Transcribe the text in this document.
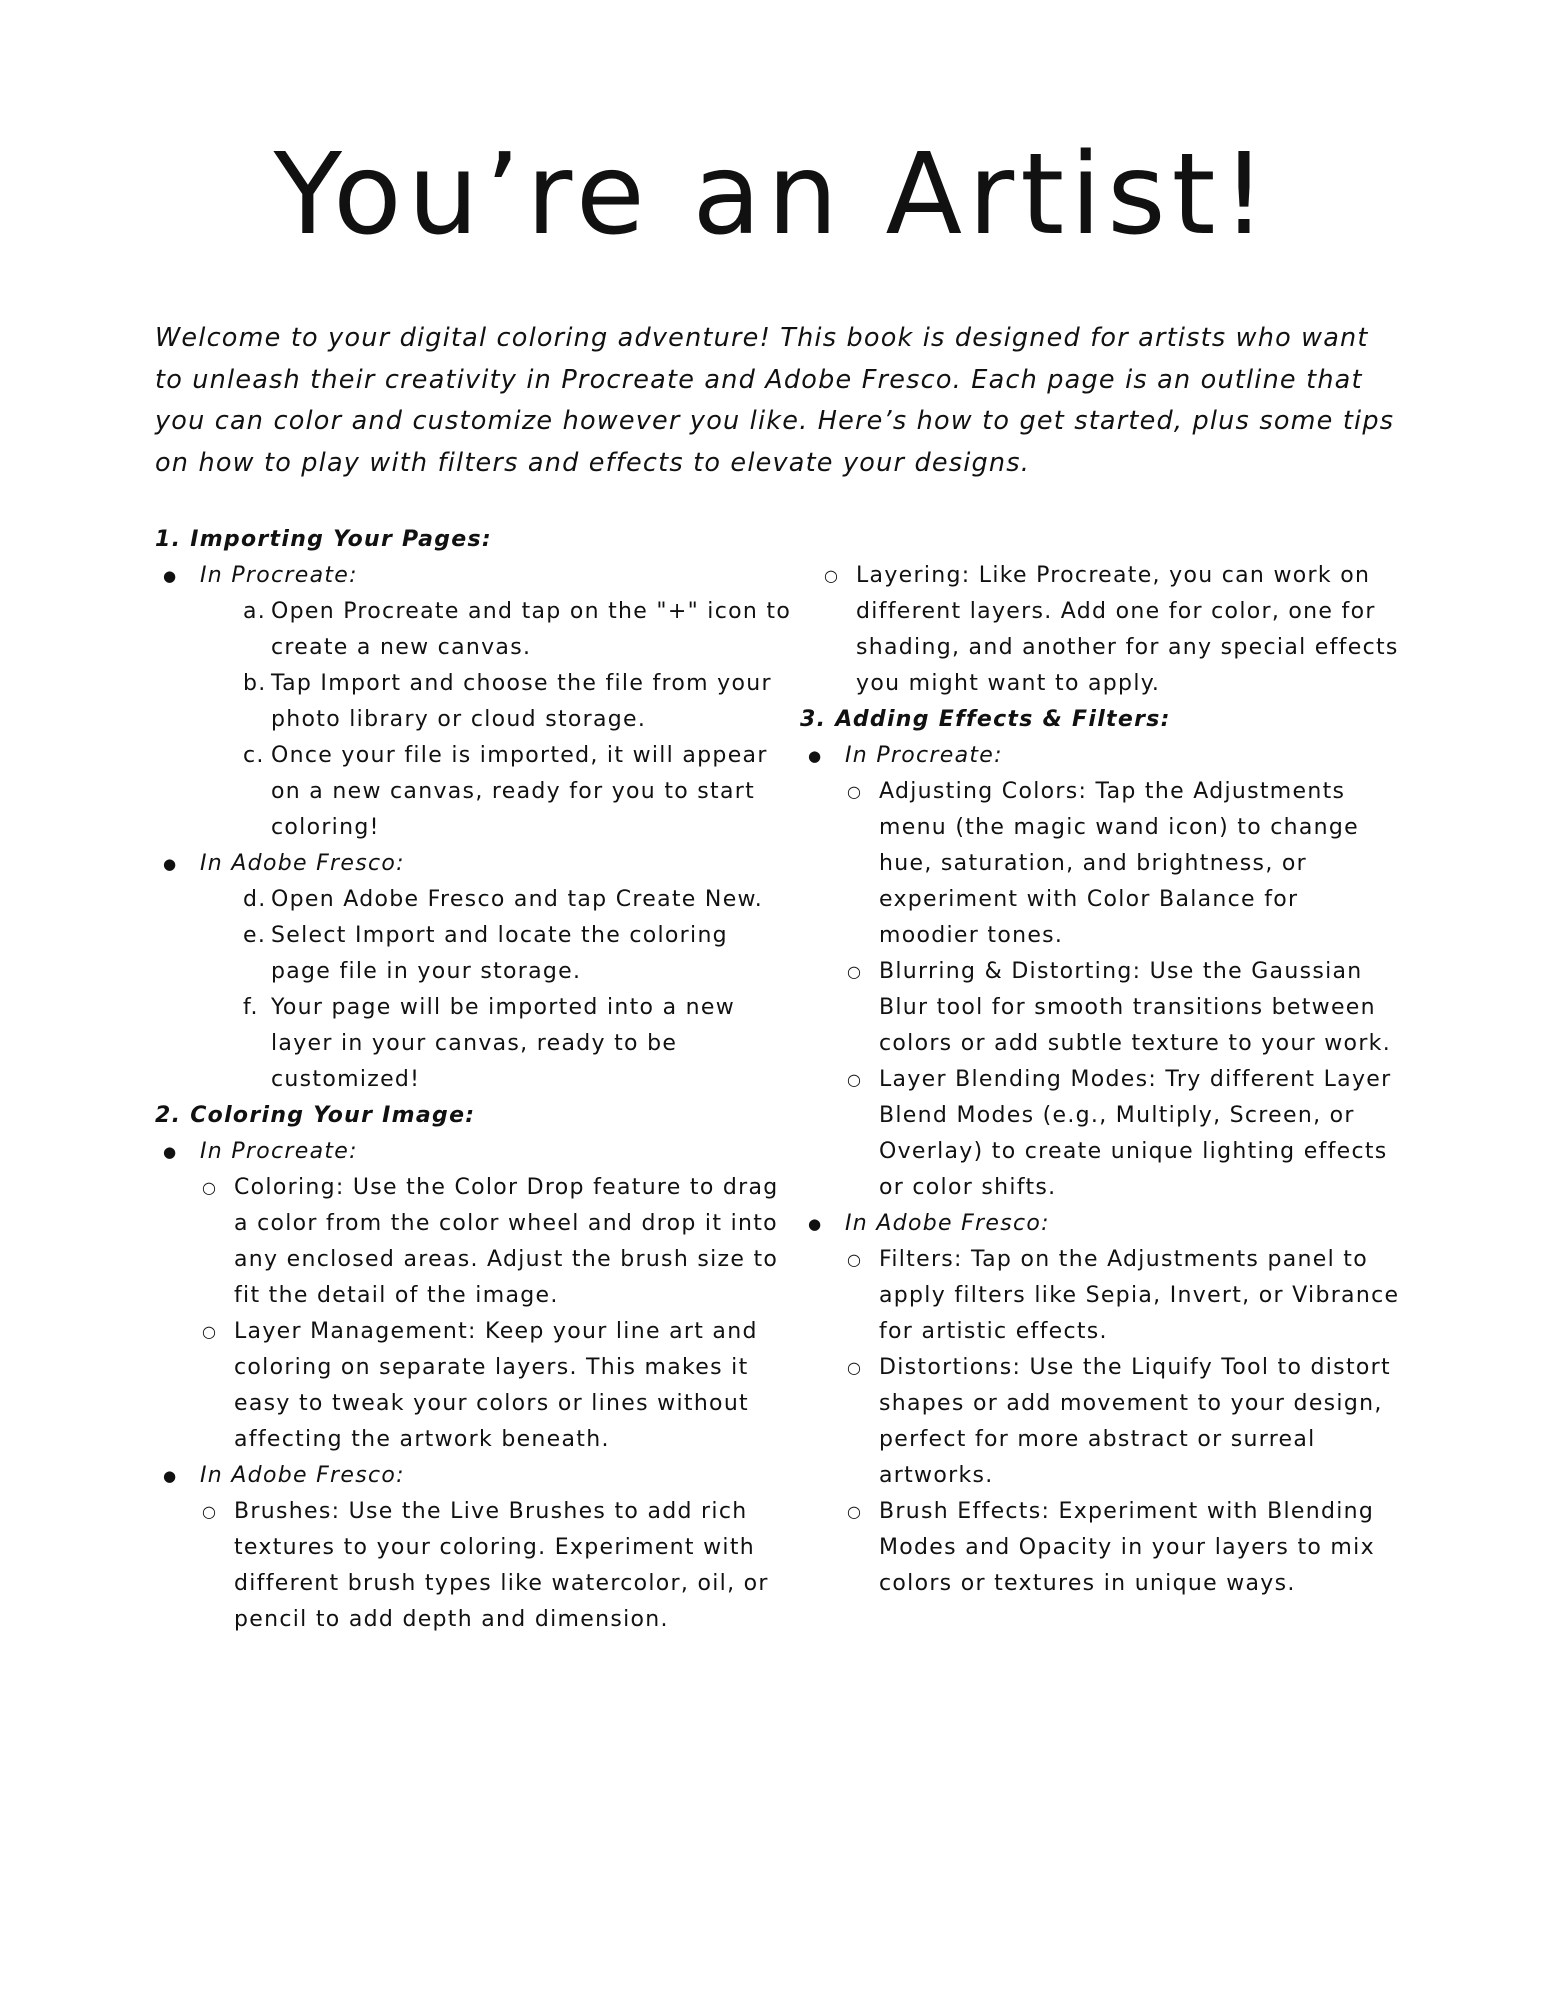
You’re an Artist!

Welcome to your digital coloring adventure! This book is designed for artists who want to unleash their creativity in Procreate and Adobe Fresco. Each page is an outline that you can color and customize however you like. Here’s how to get started, plus some tips on how to play with filters and effects to elevate your designs.

1. Importing Your Pages:

● In Procreate:

a. Open Procreate and tap on the "+" icon to create a new canvas.
b. Tap Import and choose the file from your photo library or cloud storage.
c. Once your file is imported, it will appear on a new canvas, ready for you to start coloring!

● In Adobe Fresco:

d. Open Adobe Fresco and tap Create New.
e. Select Import and locate the coloring page file in your storage.
f. Your page will be imported into a new layer in your canvas, ready to be customized!

2. Coloring Your Image:

● In Procreate:

○ Coloring: Use the Color Drop feature to drag a color from the color wheel and drop it into any enclosed areas. Adjust the brush size to fit the detail of the image.
○ Layer Management: Keep your line art and coloring on separate layers. This makes it easy to tweak your colors or lines without affecting the artwork beneath.

● In Adobe Fresco:

○ Brushes: Use the Live Brushes to add rich textures to your coloring. Experiment with different brush types like watercolor, oil, or pencil to add depth and dimension.
○ Layering: Like Procreate, you can work on different layers. Add one for color, one for shading, and another for any special effects you might want to apply.

3. Adding Effects & Filters:

● In Procreate:

○ Adjusting Colors: Tap the Adjustments menu (the magic wand icon) to change hue, saturation, and brightness, or experiment with Color Balance for moodier tones.
○ Blurring & Distorting: Use the Gaussian Blur tool for smooth transitions between colors or add subtle texture to your work.
○ Layer Blending Modes: Try different Layer Blend Modes (e.g., Multiply, Screen, or Overlay) to create unique lighting effects or color shifts.

● In Adobe Fresco:

○ Filters: Tap on the Adjustments panel to apply filters like Sepia, Invert, or Vibrance for artistic effects.
○ Distortions: Use the Liquify Tool to distort shapes or add movement to your design, perfect for more abstract or surreal artworks.
○ Brush Effects: Experiment with Blending Modes and Opacity in your layers to mix colors or textures in unique ways.
